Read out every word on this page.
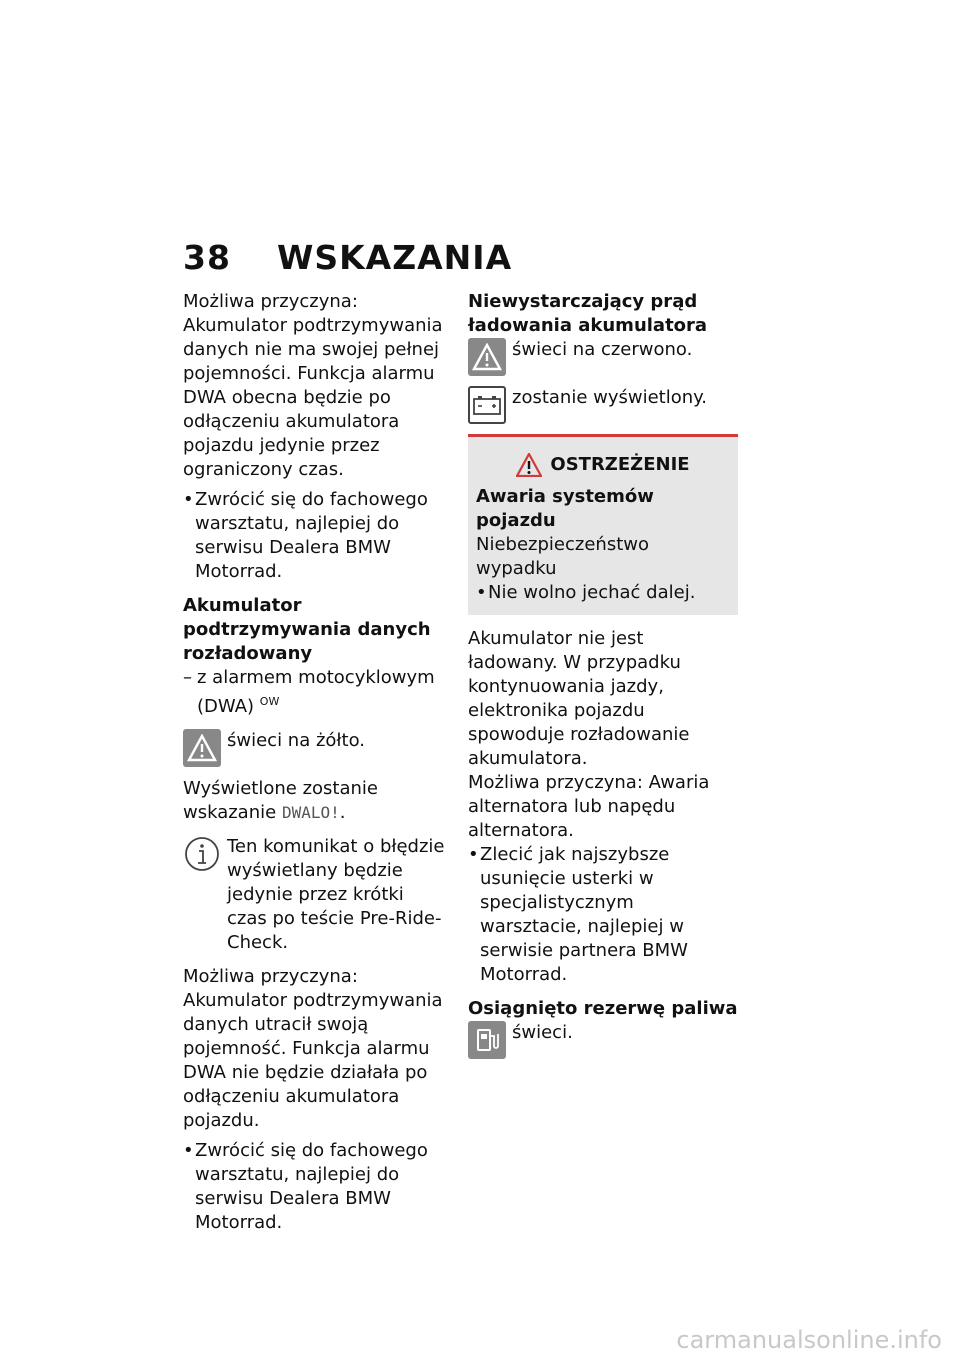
38 WSKAZANIA

Możliwa przyczyna: Akumulator podtrzymywania danych nie ma swojej pełnej pojemności. Funkcja alarmu DWA obecna będzie po odłączeniu akumulatora pojazdu jedynie przez ograniczony czas.

• Zwrócić się do fachowego warsztatu, najlepiej do serwisu Dealera BMW Motorrad.

Akumulator podtrzymywania danych rozładowany

– z alarmem motocyklowym (DWA) $^{OW}$
świeci na żółto.

Wyświetlone zostanie wskazanie DWALO!.

Ten komunikat o błędzie wyświetlany będzie jedynie przez krótki czas po teście Pre-Ride-Check.

Możliwa przyczyna: Akumulator podtrzymywania danych utracił swoją pojemność. Funkcja alarmu DWA nie będzie działała po odłączeniu akumulatora pojazdu.

• Zwrócić się do fachowego warsztatu, najlepiej do serwisu Dealera BMW Motorrad.

Niewystarczający prąd ładowania akumulatora

świeci na czerwono.
zostanie wyświetlony.
OSTRZEŻENIE

Awaria systemów pojazdu

Niebezpieczeństwo wypadku

• Nie wolno jechać dalej.

Akumulator nie jest ładowany. W przypadku kontynuowania jazdy, elektronika pojazdu spowoduje rozładowanie akumulatora.

Możliwa przyczyna: Awaria alternatora lub napędu alternatora.

• Zlecić jak najszybsze usunięcie usterki w specjalistycznym warsztacie, najlepiej w serwisie partnera BMW Motorrad.

Osiągnięto rezerwę paliwa

świeci.
carmanualsonline.info
